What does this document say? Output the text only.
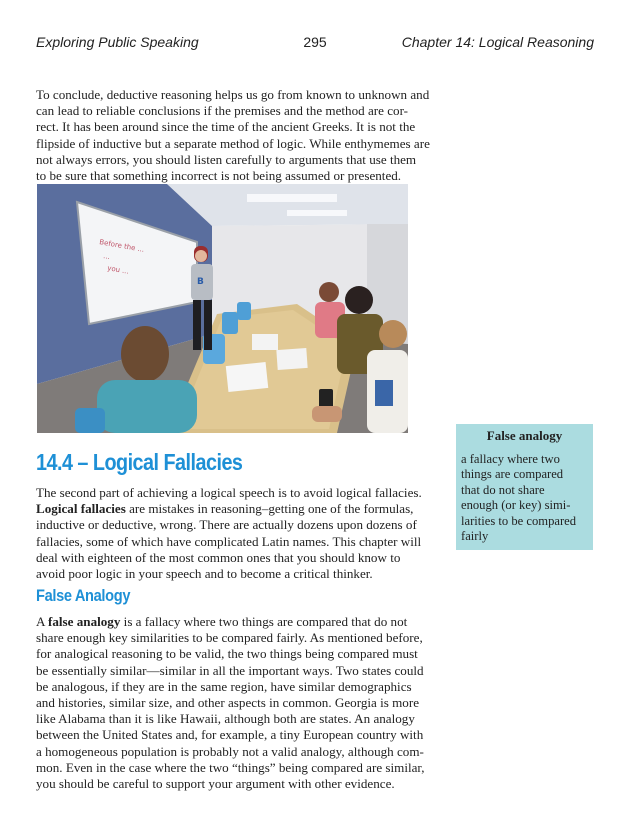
Exploring Public Speaking	295	Chapter 14: Logical Reasoning

To conclude, deductive reasoning helps us go from known to unknown and
can lead to reliable conclusions if the premises and the method are cor-
rect. It has been around since the time of the ancient Greeks. It is not the
flipside of inductive but a separate method of logic. While enthymemes are
not always errors, you should listen carefully to arguments that use them
to be sure that something incorrect is not being assumed or presented.

Before the ...
...
you ...
B
14.4 – Logical Fallacies

The second part of achieving a logical speech is to avoid logical fallacies.
Logical fallacies are mistakes in reasoning–getting one of the formulas,
inductive or deductive, wrong. There are actually dozens upon dozens of
fallacies, some of which have complicated Latin names. This chapter will
deal with eighteen of the most common ones that you should know to
avoid poor logic in your speech and to become a critical thinker.

False Analogy

A false analogy is a fallacy where two things are compared that do not
share enough key similarities to be compared fairly. As mentioned before,
for analogical reasoning to be valid, the two things being compared must
be essentially similar—similar in all the important ways. Two states could
be analogous, if they are in the same region, have similar demographics
and histories, similar size, and other aspects in common. Georgia is more
like Alabama than it is like Hawaii, although both are states. An analogy
between the United States and, for example, a tiny European country with
a homogeneous population is probably not a valid analogy, although com-
mon. Even in the case where the two “things” being compared are similar,
you should be careful to support your argument with other evidence.

False analogy
a fallacy where two
things are compared
that do not share
enough (or key) simi-
larities to be compared
fairly
